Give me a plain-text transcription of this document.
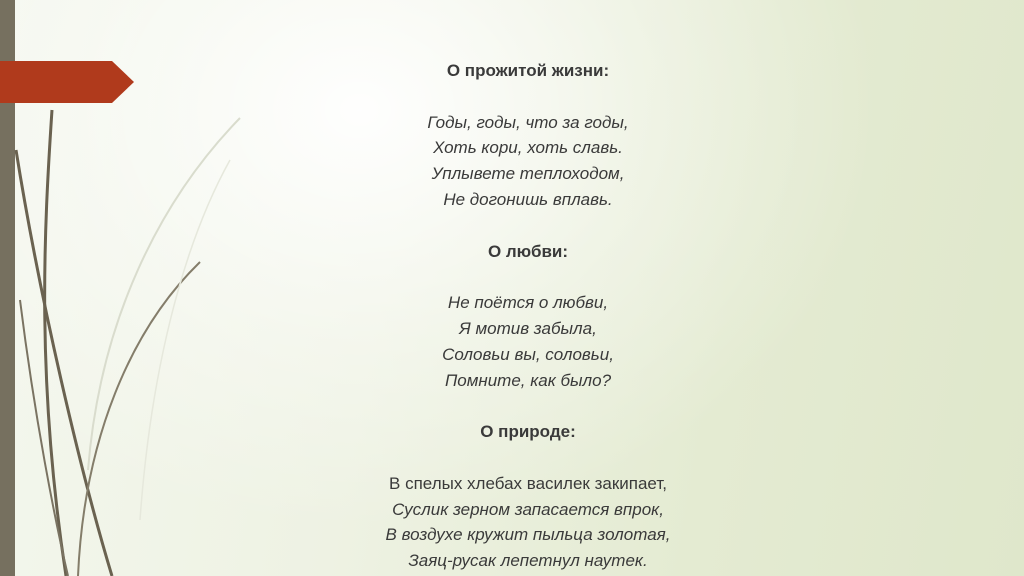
О прожитой жизни:

Годы, годы, что за годы,

Хоть кори, хоть славь.

Уплывете теплоходом,

Не догонишь вплавь.

О любви:

Не поётся о любви,

Я мотив забыла,

Соловьи вы, соловьи,

Помните, как было?

О природе:

В спелых хлебах василек закипает,

Суслик зерном запасается впрок,

В воздухе кружит пыльца золотая,

Заяц-русак лепетнул наутек.
